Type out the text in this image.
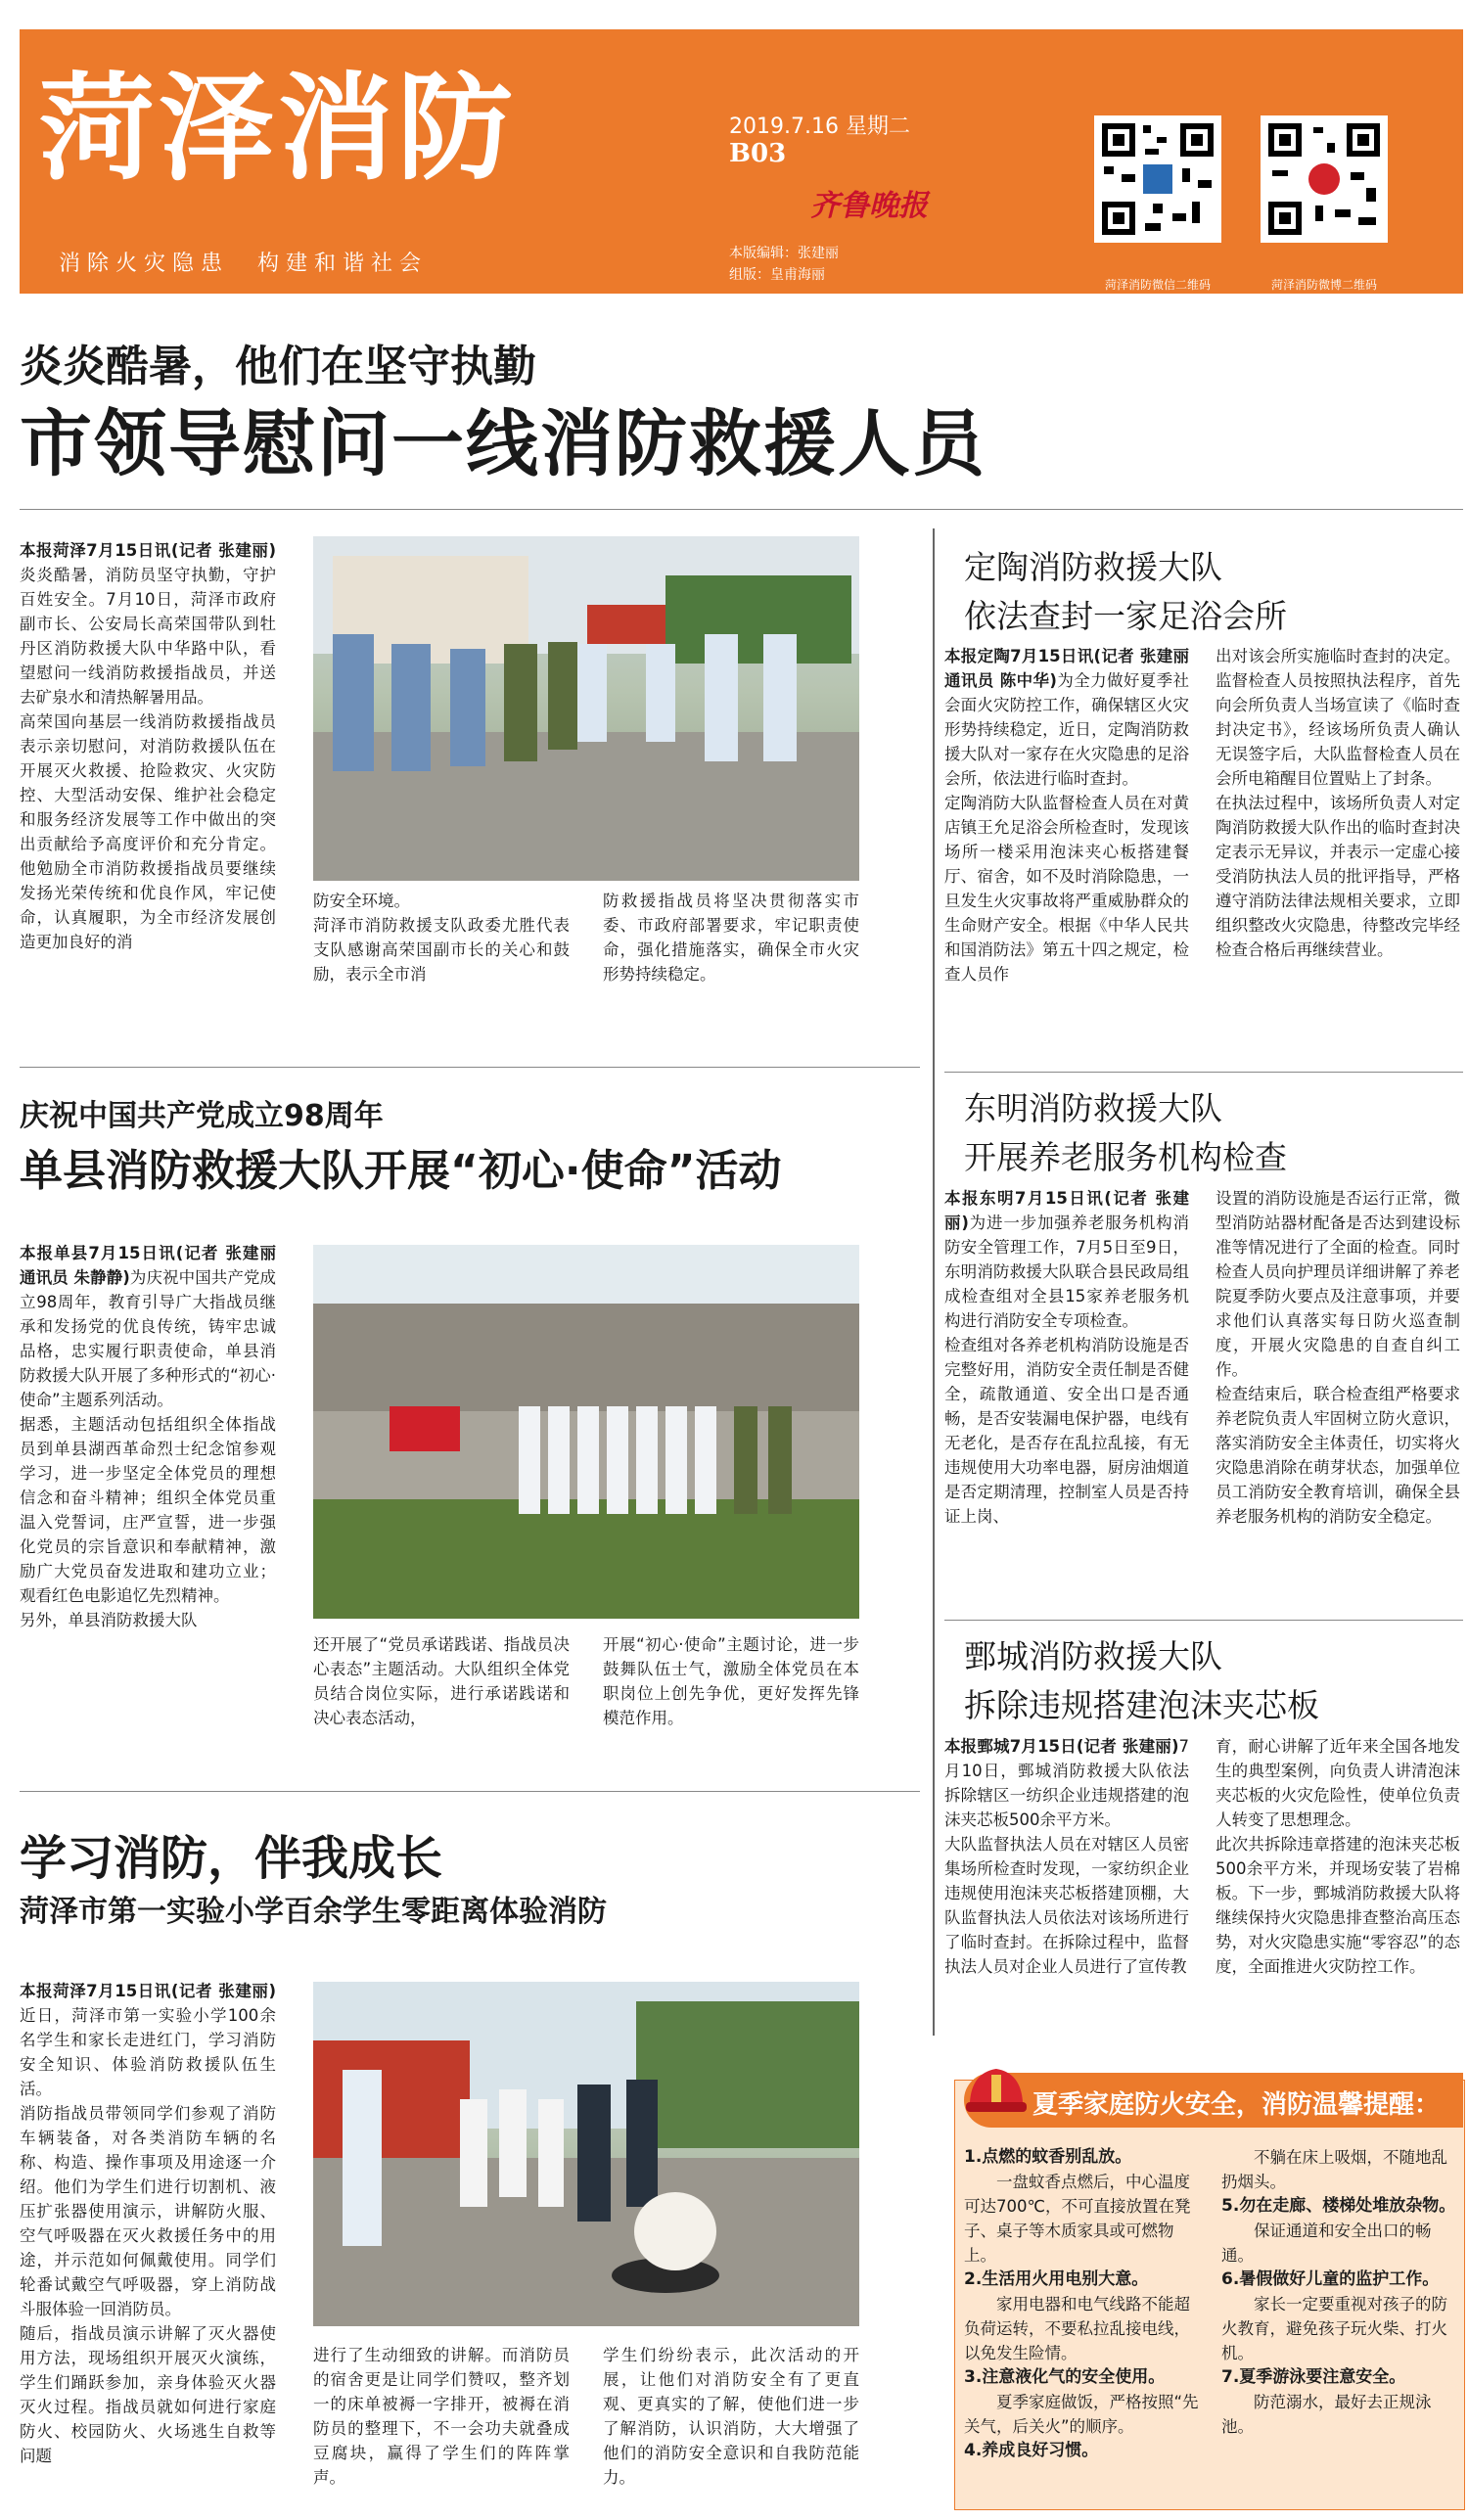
菏泽消防
消除火灾隐患　构建和谐社会
2019.7.16 星期二
B03
齐鲁晚报
本版编辑：张建丽
组版：皇甫海丽
菏泽消防微信二维码	菏泽消防微博二维码
炎炎酷暑，他们在坚守执勤
市领导慰问一线消防救援人员

本报菏泽7月15日讯(记者 张建丽)炎炎酷暑，消防员坚守执勤，守护百姓安全。7月10日，菏泽市政府副市长、公安局长高荣国带队到牡丹区消防救援大队中华路中队，看望慰问一线消防救援指战员，并送去矿泉水和清热解暑用品。
高荣国向基层一线消防救援指战员表示亲切慰问，对消防救援队伍在开展灭火救援、抢险救灾、火灾防控、大型活动安保、维护社会稳定和服务经济发展等工作中做出的突出贡献给予高度评价和充分肯定。他勉励全市消防救援指战员要继续发扬光荣传统和优良作风，牢记使命，认真履职，为全市经济发展创造更加良好的消

防安全环境。
菏泽市消防救援支队政委尤胜代表支队感谢高荣国副市长的关心和鼓励，表示全市消

防救援指战员将坚决贯彻落实市委、市政府部署要求，牢记职责使命，强化措施落实，确保全市火灾形势持续稳定。

定陶消防救援大队
依法查封一家足浴会所

本报定陶7月15日讯(记者 张建丽 通讯员 陈中华)为全力做好夏季社会面火灾防控工作，确保辖区火灾形势持续稳定，近日，定陶消防救援大队对一家存在火灾隐患的足浴会所，依法进行临时查封。
定陶消防大队监督检查人员在对黄店镇王允足浴会所检查时，发现该场所一楼采用泡沫夹心板搭建餐厅、宿舍，如不及时消除隐患，一旦发生火灾事故将严重威胁群众的生命财产安全。根据《中华人民共和国消防法》第五十四之规定，检查人员作

出对该会所实施临时查封的决定。监督检查人员按照执法程序，首先向会所负责人当场宣读了《临时查封决定书》，经该场所负责人确认无误签字后，大队监督检查人员在会所电箱醒目位置贴上了封条。
在执法过程中，该场所负责人对定陶消防救援大队作出的临时查封决定表示无异议，并表示一定虚心接受消防执法人员的批评指导，严格遵守消防法律法规相关要求，立即组织整改火灾隐患，待整改完毕经检查合格后再继续营业。

东明消防救援大队
开展养老服务机构检查

本报东明7月15日讯(记者 张建丽)为进一步加强养老服务机构消防安全管理工作，7月5日至9日，东明消防救援大队联合县民政局组成检查组对全县15家养老服务机构进行消防安全专项检查。
检查组对各养老机构消防设施是否完整好用，消防安全责任制是否健全，疏散通道、安全出口是否通畅，是否安装漏电保护器，电线有无老化，是否存在乱拉乱接，有无违规使用大功率电器，厨房油烟道是否定期清理，控制室人员是否持证上岗、

设置的消防设施是否运行正常，微型消防站器材配备是否达到建设标准等情况进行了全面的检查。同时检查人员向护理员详细讲解了养老院夏季防火要点及注意事项，并要求他们认真落实每日防火巡查制度，开展火灾隐患的自查自纠工作。
检查结束后，联合检查组严格要求养老院负责人牢固树立防火意识，落实消防安全主体责任，切实将火灾隐患消除在萌芽状态，加强单位员工消防安全教育培训，确保全县养老服务机构的消防安全稳定。

鄄城消防救援大队
拆除违规搭建泡沫夹芯板

本报鄄城7月15日(记者 张建丽)7月10日，鄄城消防救援大队依法拆除辖区一纺织企业违规搭建的泡沫夹芯板500余平方米。
大队监督执法人员在对辖区人员密集场所检查时发现，一家纺织企业违规使用泡沫夹芯板搭建顶棚，大队监督执法人员依法对该场所进行了临时查封。在拆除过程中，监督执法人员对企业人员进行了宣传教

育，耐心讲解了近年来全国各地发生的典型案例，向负责人讲清泡沫夹芯板的火灾危险性，使单位负责人转变了思想理念。
此次共拆除违章搭建的泡沫夹芯板500余平方米，并现场安装了岩棉板。下一步，鄄城消防救援大队将继续保持火灾隐患排查整治高压态势，对火灾隐患实施“零容忍”的态度，全面推进火灾防控工作。

庆祝中国共产党成立98周年
单县消防救援大队开展“初心·使命”活动

本报单县7月15日讯(记者 张建丽 通讯员 朱静静)为庆祝中国共产党成立98周年，教育引导广大指战员继承和发扬党的优良传统，铸牢忠诚品格，忠实履行职责使命，单县消防救援大队开展了多种形式的“初心·使命”主题系列活动。
据悉，主题活动包括组织全体指战员到单县湖西革命烈士纪念馆参观学习，进一步坚定全体党员的理想信念和奋斗精神；组织全体党员重温入党誓词，庄严宣誓，进一步强化党员的宗旨意识和奉献精神，激励广大党员奋发进取和建功立业；观看红色电影追忆先烈精神。
另外，单县消防救援大队

还开展了“党员承诺践诺、指战员决心表态”主题活动。大队组织全体党员结合岗位实际，进行承诺践诺和决心表态活动，

开展“初心·使命”主题讨论，进一步鼓舞队伍士气，激励全体党员在本职岗位上创先争优，更好发挥先锋模范作用。

学习消防，伴我成长
菏泽市第一实验小学百余学生零距离体验消防

本报菏泽7月15日讯(记者 张建丽)近日，菏泽市第一实验小学100余名学生和家长走进红门，学习消防安全知识、体验消防救援队伍生活。
消防指战员带领同学们参观了消防车辆装备，对各类消防车辆的名称、构造、操作事项及用途逐一介绍。他们为学生们进行切割机、液压扩张器使用演示，讲解防火服、空气呼吸器在灭火救援任务中的用途，并示范如何佩戴使用。同学们轮番试戴空气呼吸器，穿上消防战斗服体验一回消防员。
随后，指战员演示讲解了灭火器使用方法，现场组织开展灭火演练，学生们踊跃参加，亲身体验灭火器灭火过程。指战员就如何进行家庭防火、校园防火、火场逃生自救等问题

进行了生动细致的讲解。而消防员的宿舍更是让同学们赞叹，整齐划一的床单被褥一字排开，被褥在消防员的整理下，不一会功夫就叠成豆腐块，赢得了学生们的阵阵掌声。

学生们纷纷表示，此次活动的开展，让他们对消防安全有了更直观、更真实的了解，使他们进一步了解消防，认识消防，大大增强了他们的消防安全意识和自我防范能力。

夏季家庭防火安全，消防温馨提醒：

1.点燃的蚊香别乱放。

一盘蚊香点燃后，中心温度可达700℃，不可直接放置在凳子、桌子等木质家具或可燃物上。

2.生活用火用电别大意。

家用电器和电气线路不能超负荷运转，不要私拉乱接电线，以免发生险情。

3.注意液化气的安全使用。

夏季家庭做饭，严格按照“先关气，后关火”的顺序。

4.养成良好习惯。

不躺在床上吸烟，不随地乱扔烟头。

5.勿在走廊、楼梯处堆放杂物。

保证通道和安全出口的畅通。

6.暑假做好儿童的监护工作。

家长一定要重视对孩子的防火教育，避免孩子玩火柴、打火机。

7.夏季游泳要注意安全。

防范溺水，最好去正规泳池。
